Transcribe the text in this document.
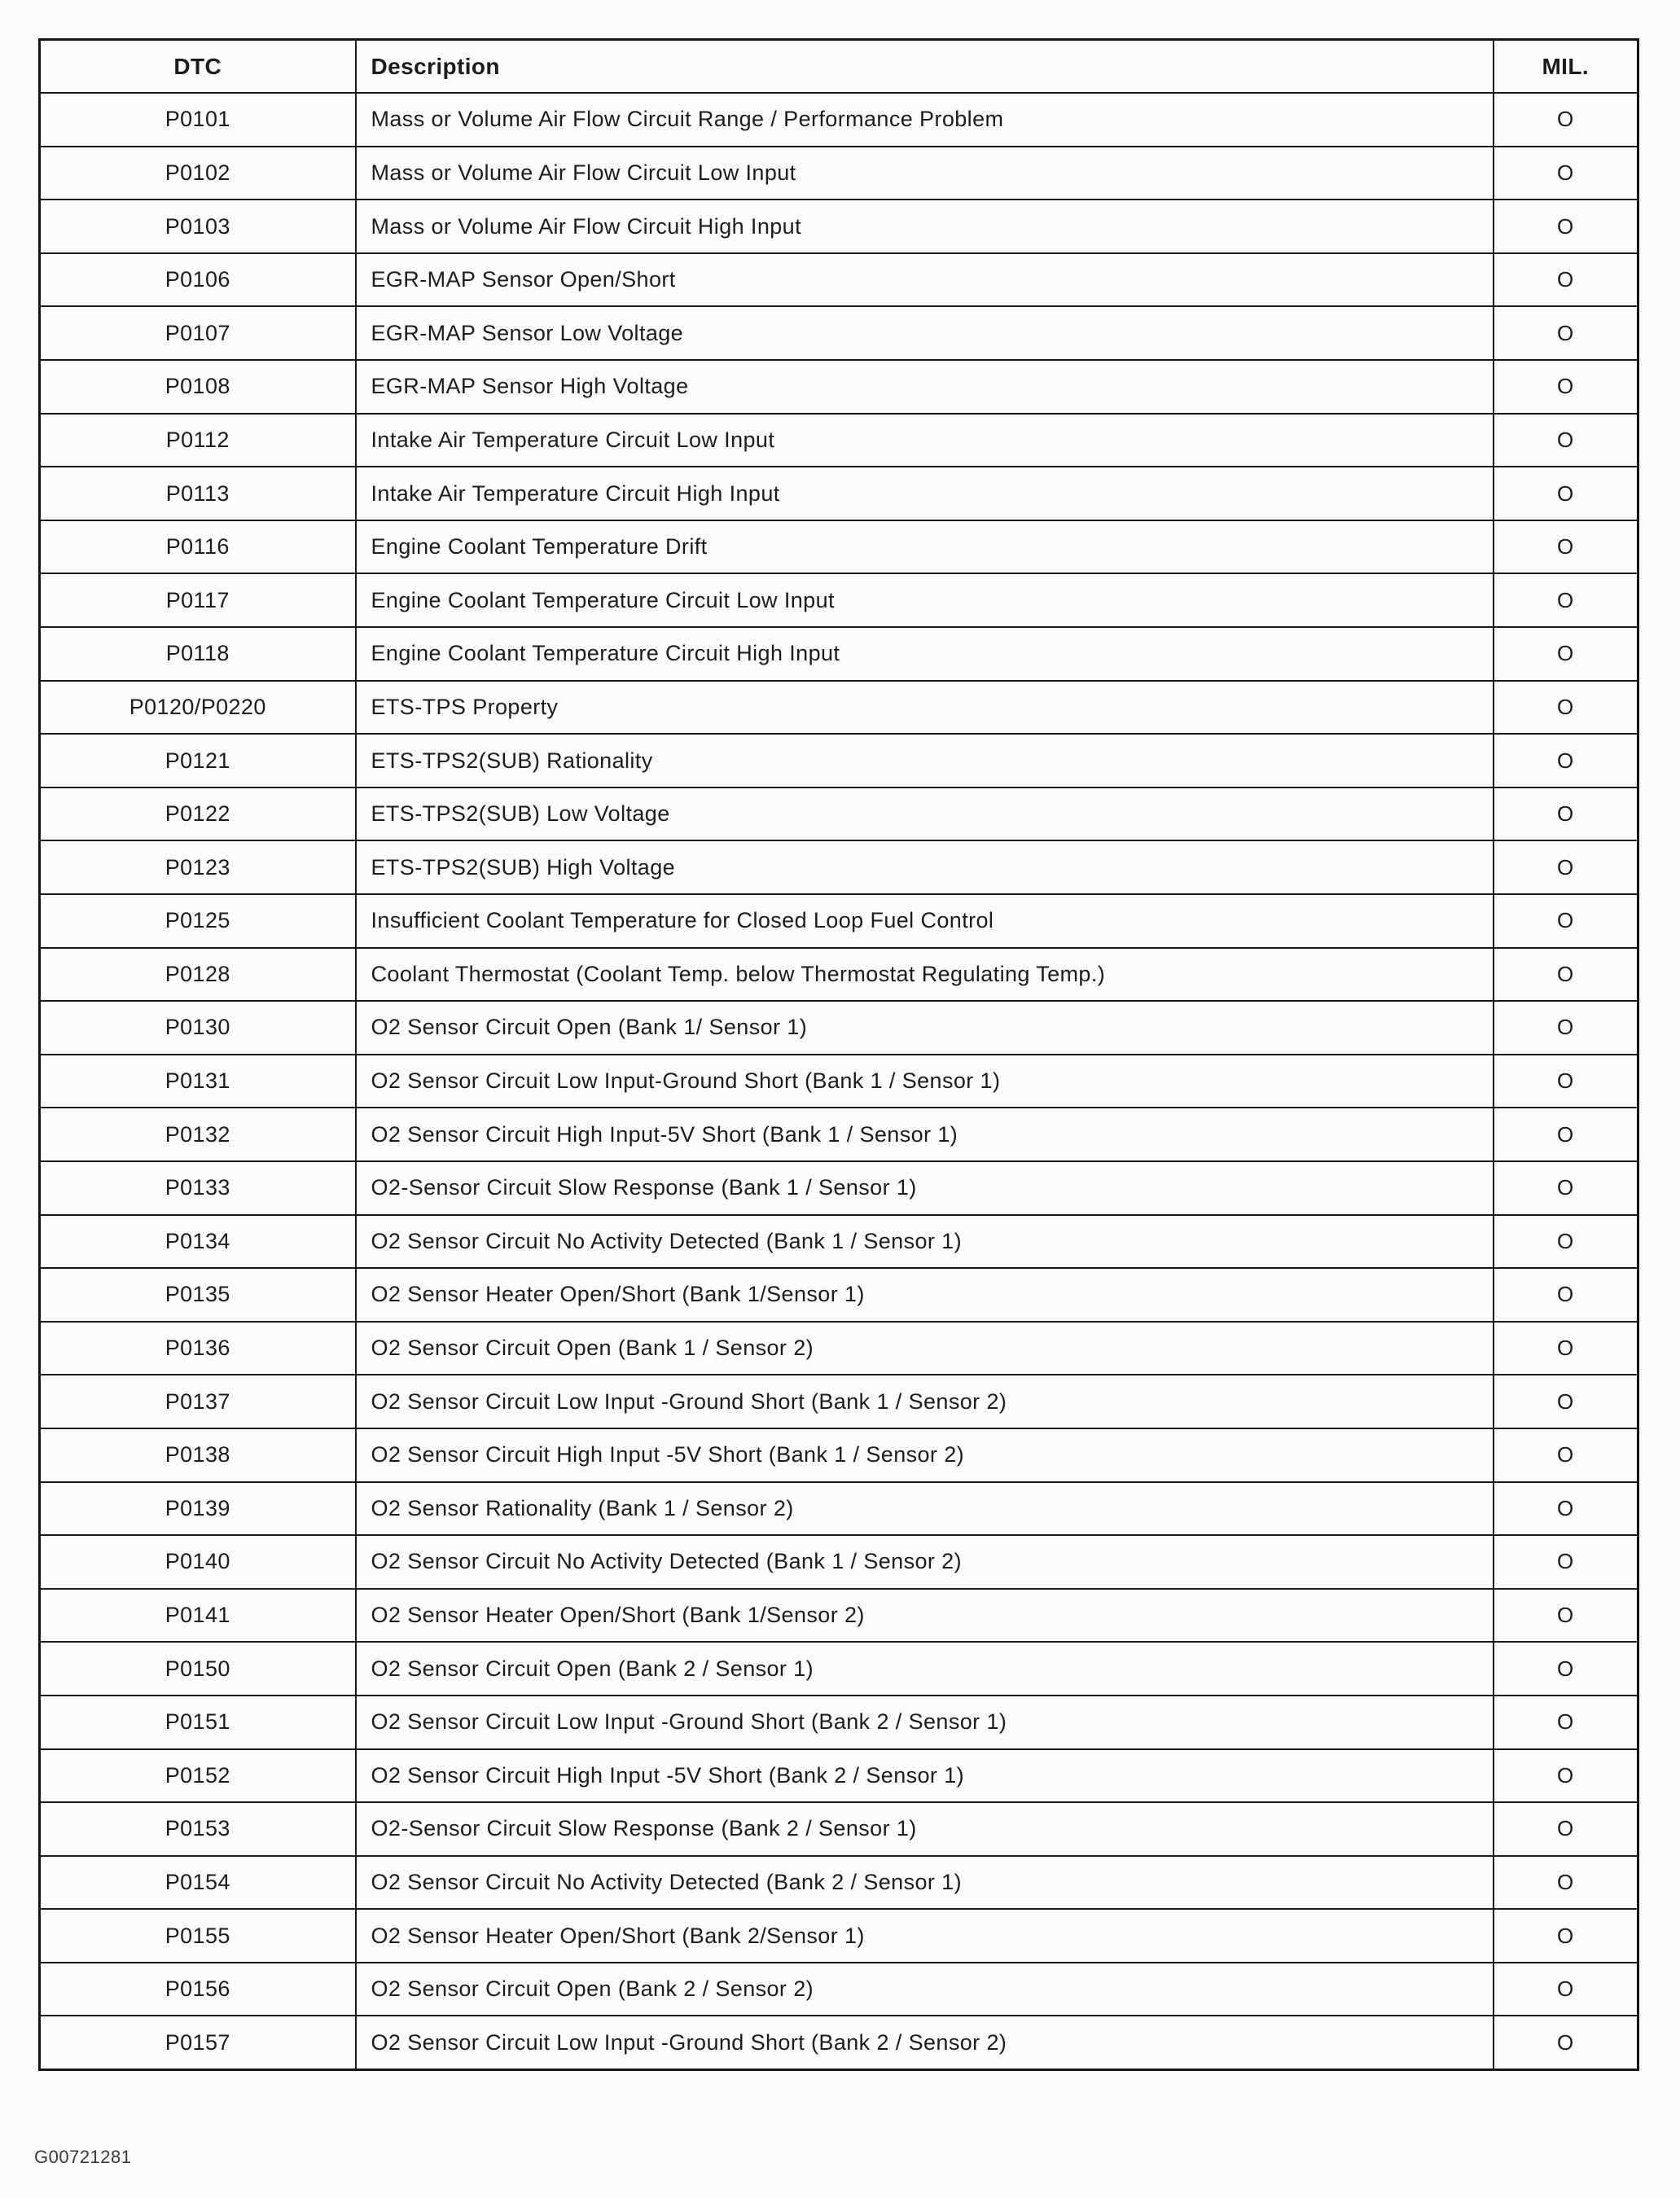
DTC	Description	MIL.
P0101	Mass or Volume Air Flow Circuit Range / Performance Problem	O
P0102	Mass or Volume Air Flow Circuit Low Input	O
P0103	Mass or Volume Air Flow Circuit High Input	O
P0106	EGR-MAP Sensor Open/Short	O
P0107	EGR-MAP Sensor Low Voltage	O
P0108	EGR-MAP Sensor High Voltage	O
P0112	Intake Air Temperature Circuit Low Input	O
P0113	Intake Air Temperature Circuit High Input	O
P0116	Engine Coolant Temperature Drift	O
P0117	Engine Coolant Temperature Circuit Low Input	O
P0118	Engine Coolant Temperature Circuit High Input	O
P0120/P0220	ETS-TPS Property	O
P0121	ETS-TPS2(SUB) Rationality	O
P0122	ETS-TPS2(SUB) Low Voltage	O
P0123	ETS-TPS2(SUB) High Voltage	O
P0125	Insufficient Coolant Temperature for Closed Loop Fuel Control	O
P0128	Coolant Thermostat (Coolant Temp. below Thermostat Regulating Temp.)	O
P0130	O2 Sensor Circuit Open (Bank 1/ Sensor 1)	O
P0131	O2 Sensor Circuit Low Input-Ground Short (Bank 1 / Sensor 1)	O
P0132	O2 Sensor Circuit High Input-5V Short (Bank 1 / Sensor 1)	O
P0133	O2-Sensor Circuit Slow Response (Bank 1 / Sensor 1)	O
P0134	O2 Sensor Circuit No Activity Detected (Bank 1 / Sensor 1)	O
P0135	O2 Sensor Heater Open/Short (Bank 1/Sensor 1)	O
P0136	O2 Sensor Circuit Open (Bank 1 / Sensor 2)	O
P0137	O2 Sensor Circuit Low Input -Ground Short (Bank 1 / Sensor 2)	O
P0138	O2 Sensor Circuit High Input -5V Short (Bank 1 / Sensor 2)	O
P0139	O2 Sensor Rationality (Bank 1 / Sensor 2)	O
P0140	O2 Sensor Circuit No Activity Detected (Bank 1 / Sensor 2)	O
P0141	O2 Sensor Heater Open/Short (Bank 1/Sensor 2)	O
P0150	O2 Sensor Circuit Open (Bank 2 / Sensor 1)	O
P0151	O2 Sensor Circuit Low Input -Ground Short (Bank 2 / Sensor 1)	O
P0152	O2 Sensor Circuit High Input -5V Short (Bank 2 / Sensor 1)	O
P0153	O2-Sensor Circuit Slow Response (Bank 2 / Sensor 1)	O
P0154	O2 Sensor Circuit No Activity Detected (Bank 2 / Sensor 1)	O
P0155	O2 Sensor Heater Open/Short (Bank 2/Sensor 1)	O
P0156	O2 Sensor Circuit Open (Bank 2 / Sensor 2)	O
P0157	O2 Sensor Circuit Low Input -Ground Short (Bank 2 / Sensor 2)	O
G00721281
